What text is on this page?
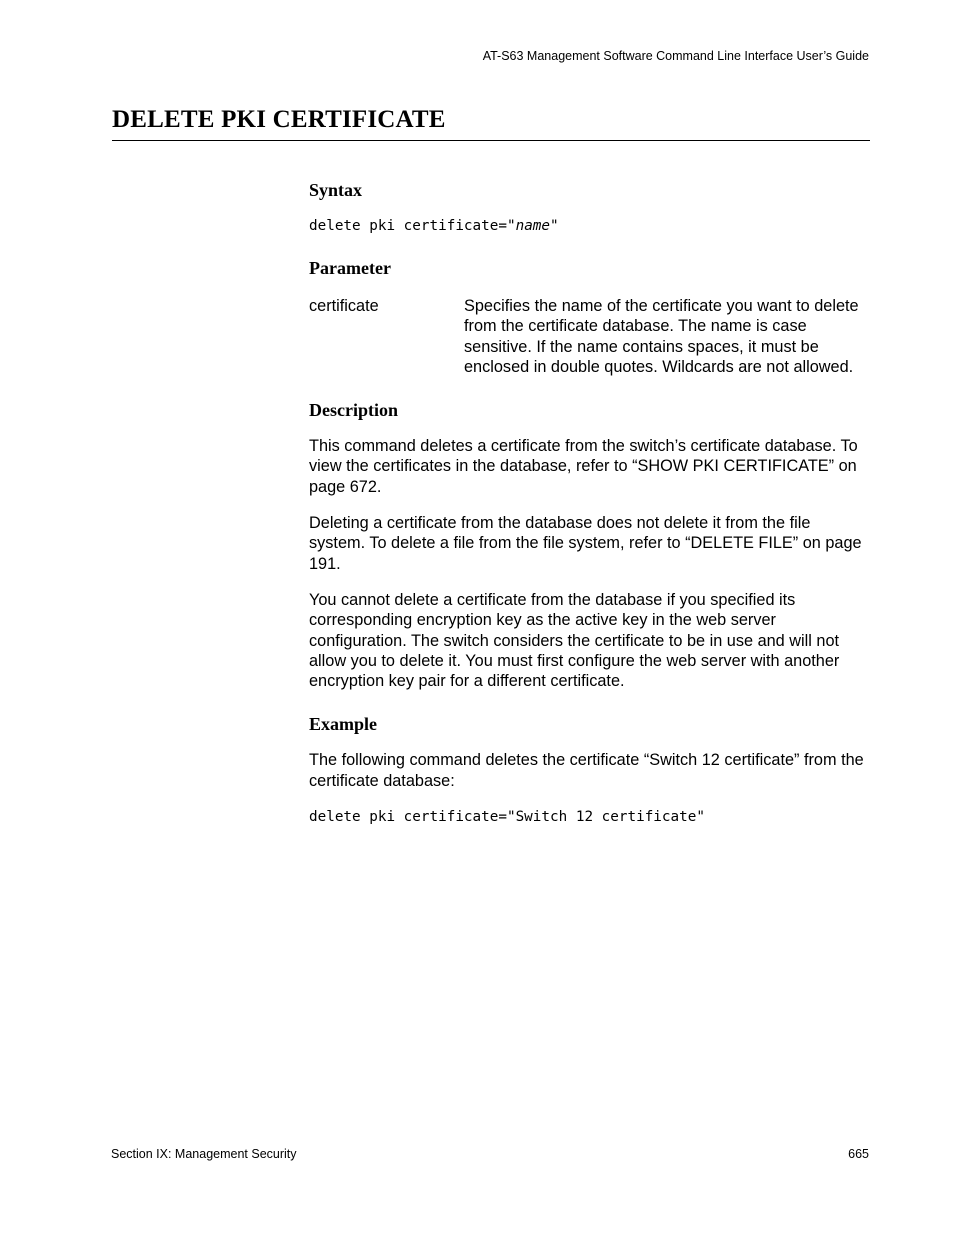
AT-S63 Management Software Command Line Interface User’s Guide
DELETE PKI CERTIFICATE
Syntax

delete pki certificate="name"

Parameter
certificate	Specifies the name of the certificate you want to delete from the certificate database. The name is case sensitive. If the name contains spaces, it must be enclosed in double quotes. Wildcards are not allowed.
Description

This command deletes a certificate from the switch’s certificate database. To view the certificates in the database, refer to “SHOW PKI CERTIFICATE” on page 672.

Deleting a certificate from the database does not delete it from the file system. To delete a file from the file system, refer to “DELETE FILE” on page 191.

You cannot delete a certificate from the database if you specified its corresponding encryption key as the active key in the web server configuration. The switch considers the certificate to be in use and will not allow you to delete it. You must first configure the web server with another encryption key pair for a different certificate.

Example

The following command deletes the certificate “Switch 12 certificate” from the certificate database:

delete pki certificate="Switch 12 certificate"

Section IX: Management Security	665
